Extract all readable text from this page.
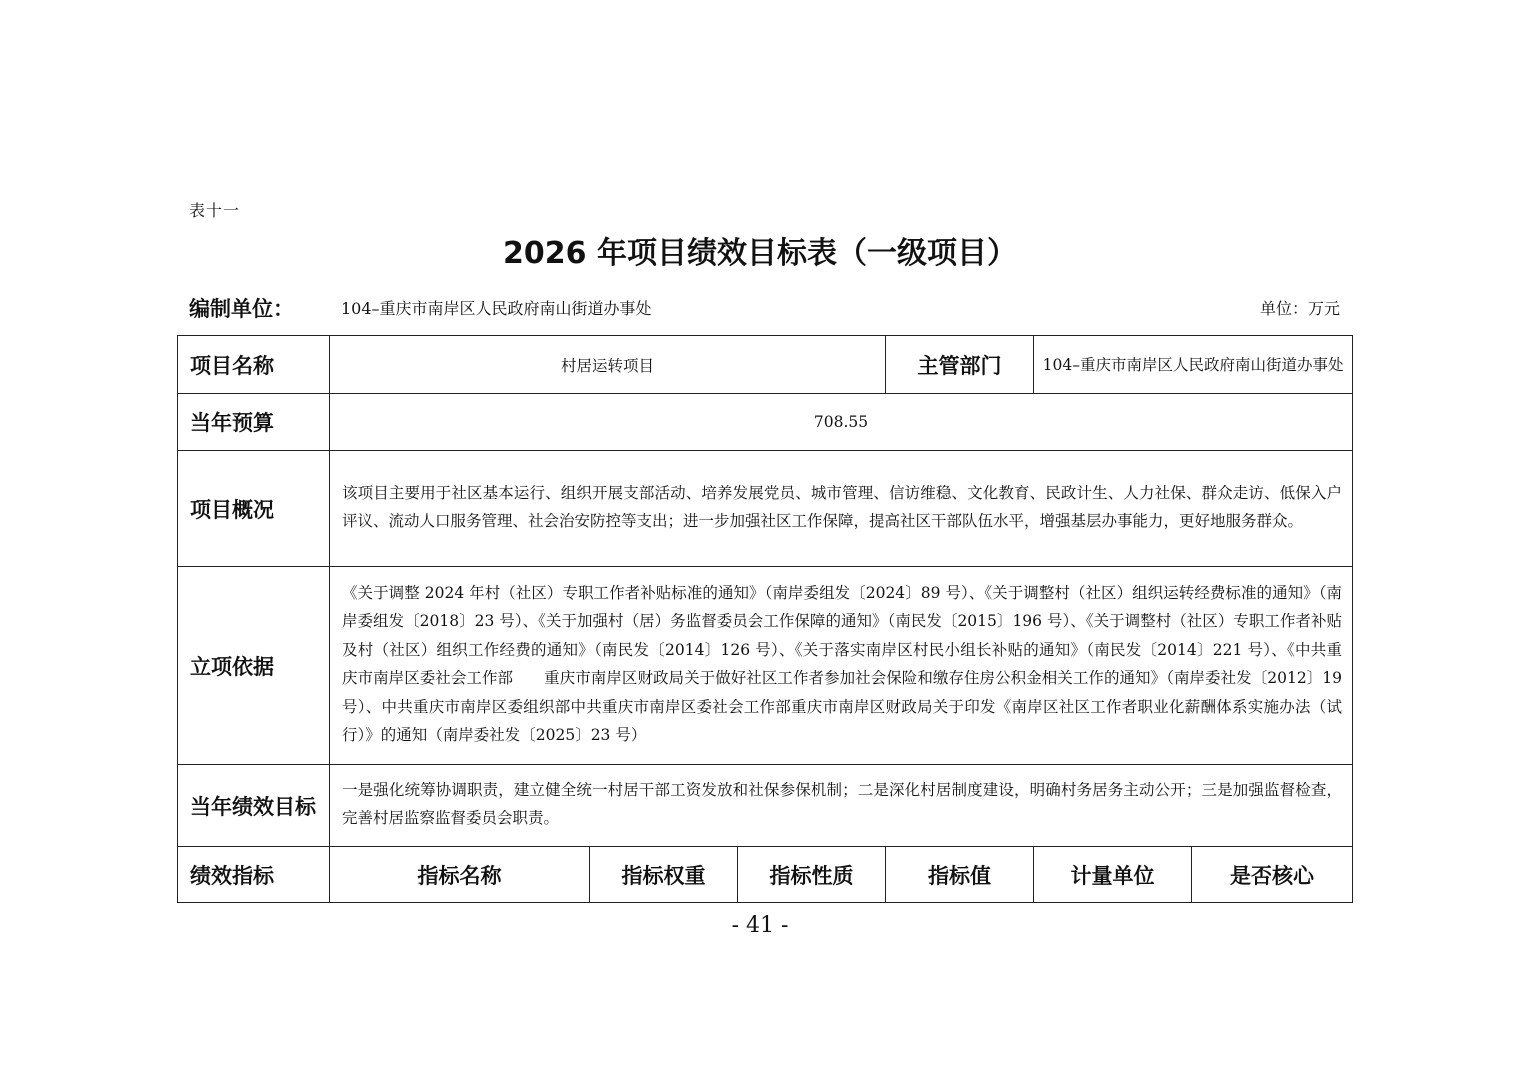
表十一
2026 年项目绩效目标表（一级项目）
编制单位：	104–重庆市南岸区人民政府南山街道办事处	单位：万元
项目名称	村居运转项目			主管部门	104–重庆市南岸区人民政府南山街道办事处	
当年预算	708.55					
项目概况	该项目主要用于社区基本运行、组织开展支部活动、培养发展党员、城市管理、信访维稳、文化教育、民政计生、人力社保、群众走访、低保入户评议、流动人口服务管理、社会治安防控等支出；进一步加强社区工作保障，提高社区干部队伍水平，增强基层办事能力，更好地服务群众。					
立项依据	《关于调整 2024 年村（社区）专职工作者补贴标准的通知》（南岸委组发〔2024〕89 号）、《关于调整村（社区）组织运转经费标准的通知》（南岸委组发〔2018〕23 号）、《关于加强村（居）务监督委员会工作保障的通知》（南民发〔2015〕196 号）、《关于调整村（社区）专职工作者补贴及村（社区）组织工作经费的通知》（南民发〔2014〕126 号）、《关于落实南岸区村民小组长补贴的通知》（南民发〔2014〕221 号）、《中共重庆市南岸区委社会工作部　　重庆市南岸区财政局关于做好社区工作者参加社会保险和缴存住房公积金相关工作的通知》（南岸委社发〔2012〕19 号）、中共重庆市南岸区委组织部中共重庆市南岸区委社会工作部重庆市南岸区财政局关于印发《南岸区社区工作者职业化薪酬体系实施办法（试行）》的通知（南岸委社发〔2025〕23 号）					
当年绩效目标	一是强化统筹协调职责，建立健全统一村居干部工资发放和社保参保机制；二是深化村居制度建设，明确村务居务主动公开；三是加强监督检查，完善村居监察监督委员会职责。					
绩效指标	指标名称	指标权重	指标性质	指标值	计量单位	是否核心
- 41 -
